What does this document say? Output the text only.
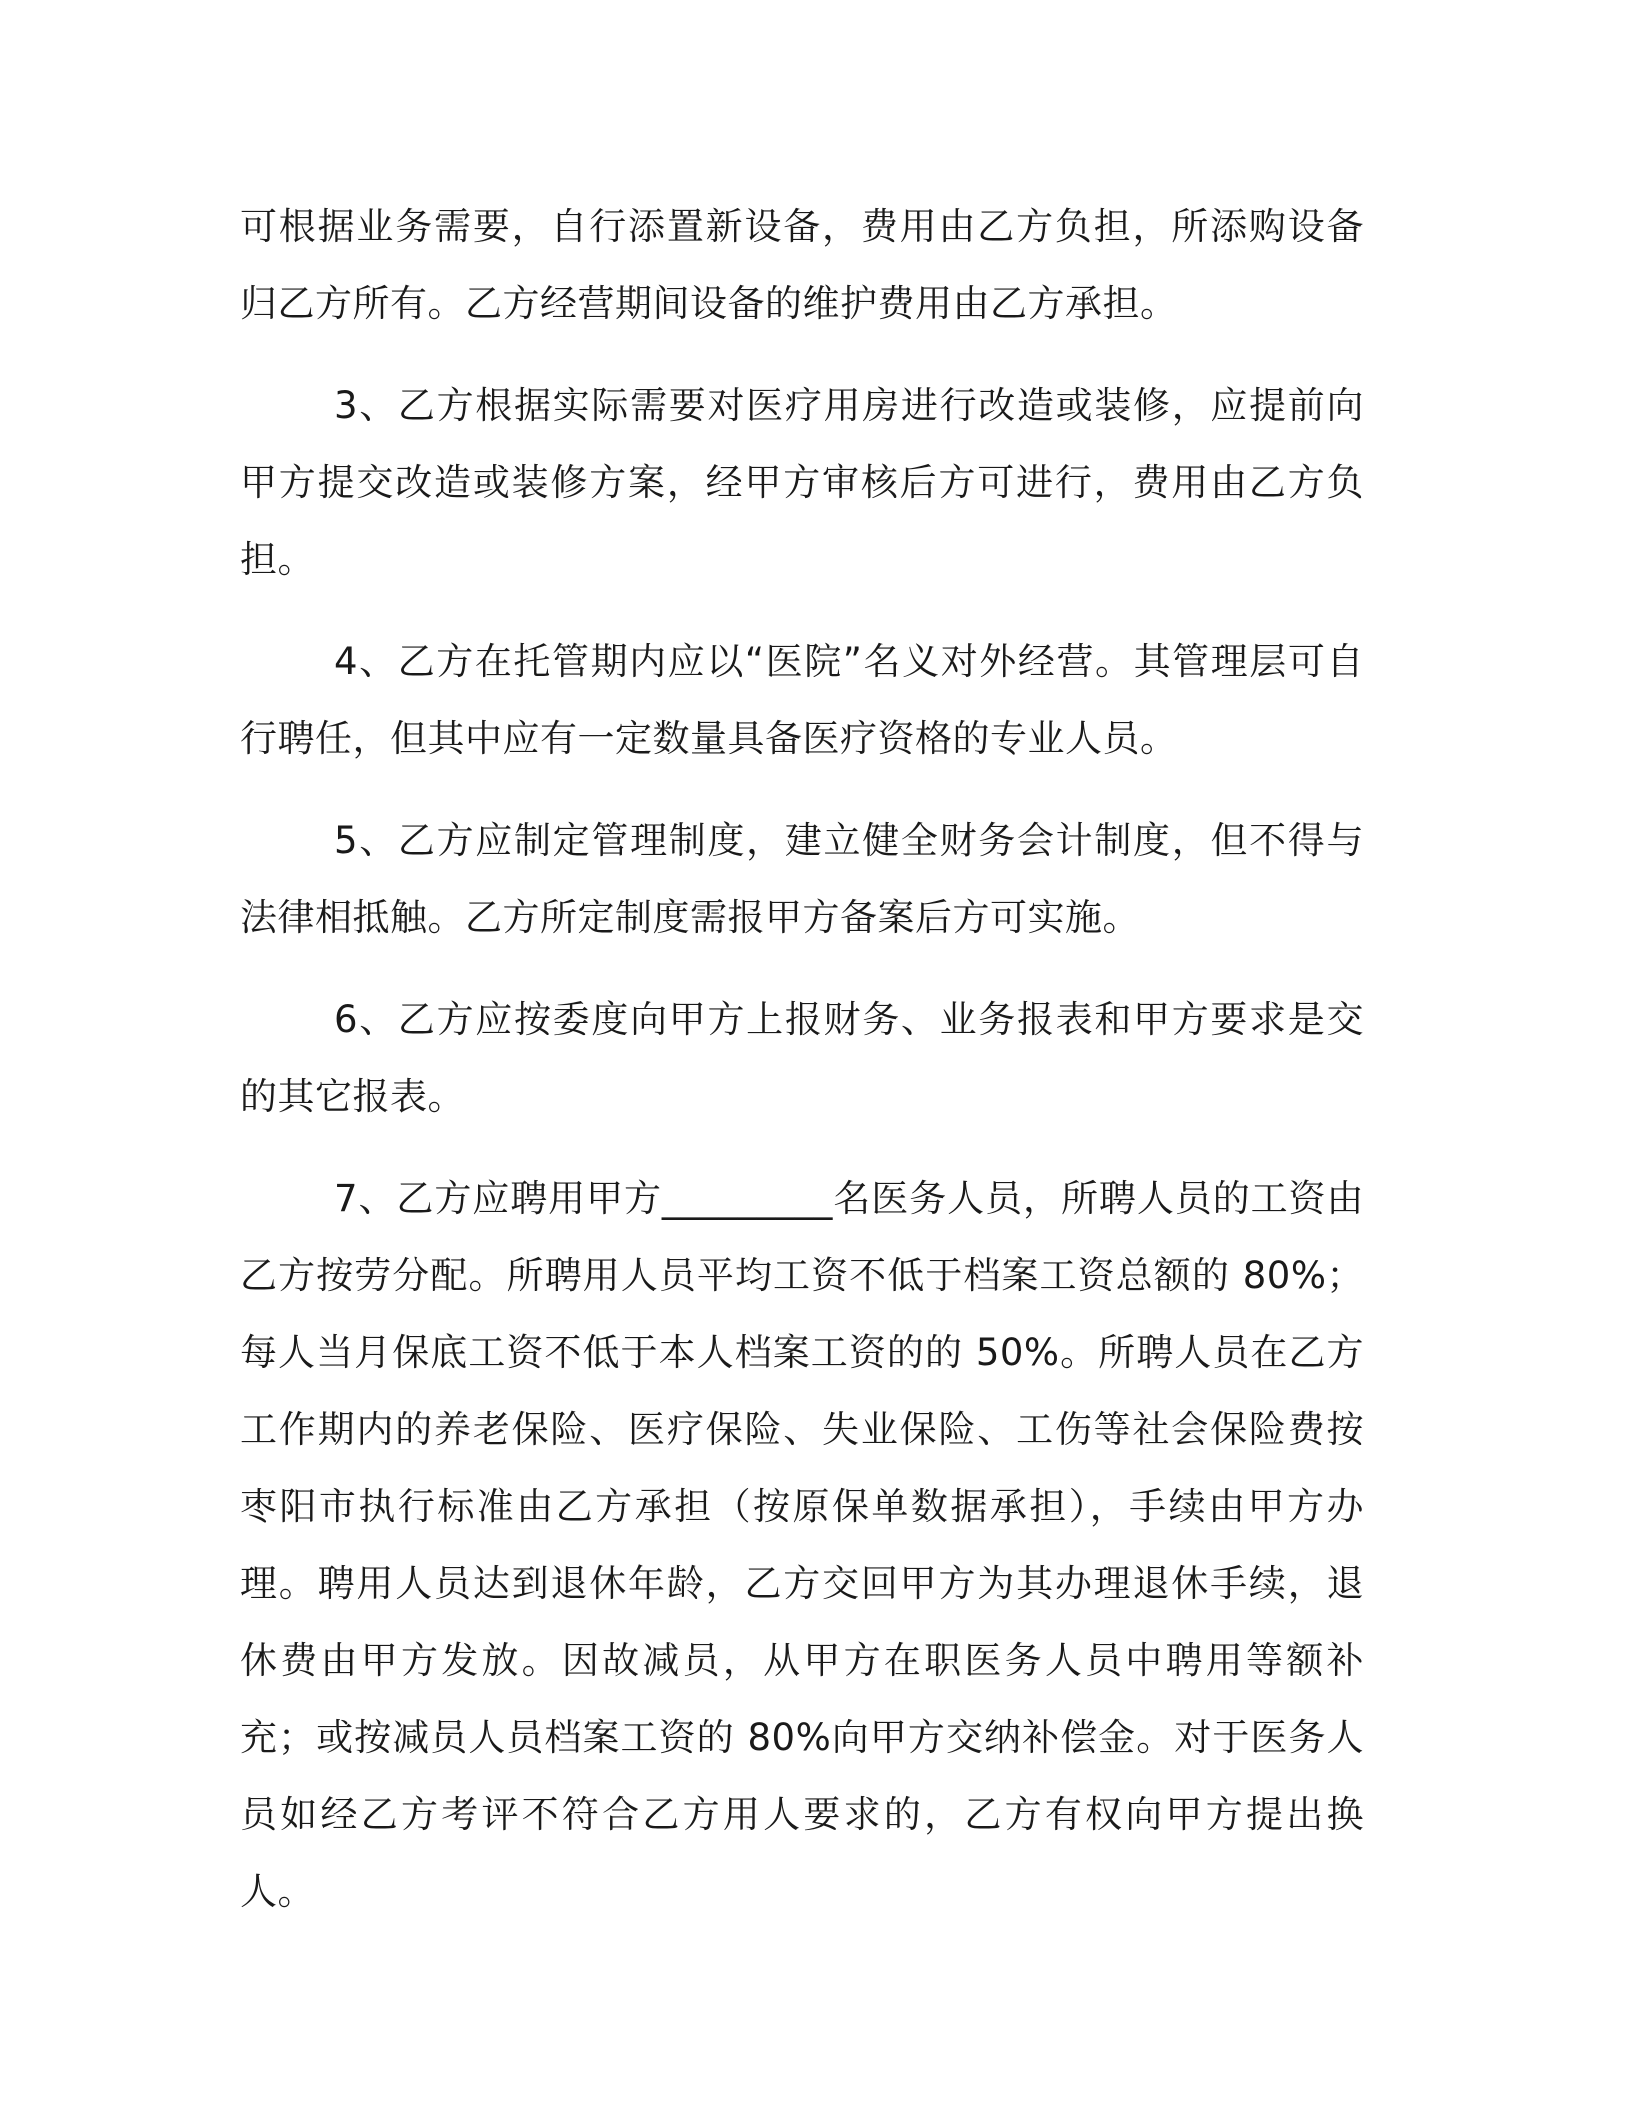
可根据业务需要，自行添置新设备，费用由乙方负担，所添购设备归乙方所有。乙方经营期间设备的维护费用由乙方承担。

3、乙方根据实际需要对医疗用房进行改造或装修，应提前向甲方提交改造或装修方案，经甲方审核后方可进行，费用由乙方负担。

4、乙方在托管期内应以“医院”名义对外经营。其管理层可自行聘任，但其中应有一定数量具备医疗资格的专业人员。

5、乙方应制定管理制度，建立健全财务会计制度，但不得与法律相抵触。乙方所定制度需报甲方备案后方可实施。

6、乙方应按委度向甲方上报财务、业务报表和甲方要求是交的其它报表。

7、乙方应聘用甲方_________名医务人员，所聘人员的工资由乙方按劳分配。所聘用人员平均工资不低于档案工资总额的 80%；每人当月保底工资不低于本人档案工资的的 50%。所聘人员在乙方工作期内的养老保险、医疗保险、失业保险、工伤等社会保险费按枣阳市执行标准由乙方承担（按原保单数据承担），手续由甲方办理。聘用人员达到退休年龄，乙方交回甲方为其办理退休手续，退休费由甲方发放。因故减员，从甲方在职医务人员中聘用等额补充；或按减员人员档案工资的 80%向甲方交纳补偿金。对于医务人员如经乙方考评不符合乙方用人要求的，乙方有权向甲方提出换人。
